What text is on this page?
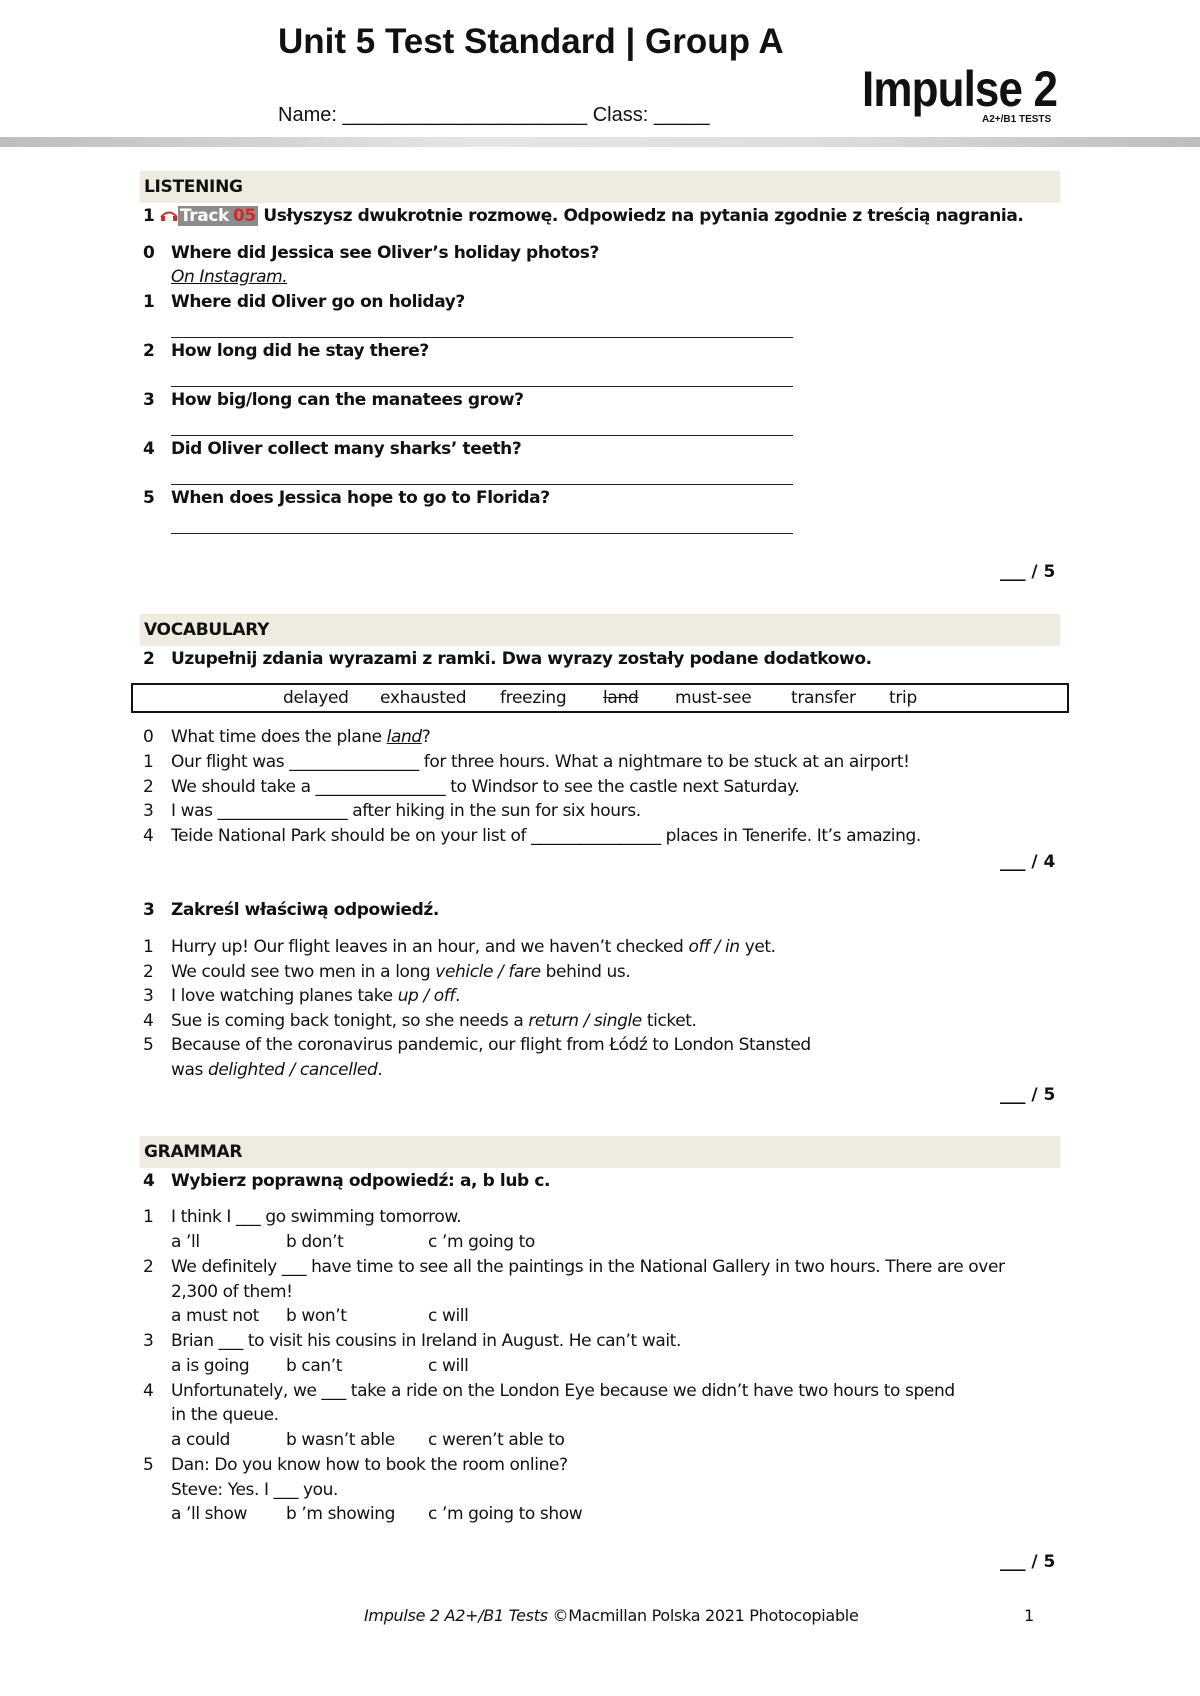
Unit 5 Test Standard | Group A
Name: ______________________ Class: _____	Impulse 2
A2+/B1 TESTS
LISTENING
1 Track 05 Usłyszysz dwukrotnie rozmowę. Odpowiedz na pytania zgodnie z treścią nagrania.
0 Where did Jessica see Oliver’s holiday photos?
On Instagram.
1 Where did Oliver go on holiday?
2 How long did he stay there?
3 How big/long can the manatees grow?
4 Did Oliver collect many sharks’ teeth?
5 When does Jessica hope to go to Florida?
___ / 5
VOCABULARY
2 Uzupełnij zdania wyrazami z ramki. Dwa wyrazy zostały podane dodatkowo.
delayed exhausted freezing land must-see transfer trip
0 What time does the plane land?
1 Our flight was ________________ for three hours. What a nightmare to be stuck at an airport!
2 We should take a ________________ to Windsor to see the castle next Saturday.
3 I was ________________ after hiking in the sun for six hours.
4 Teide National Park should be on your list of ________________ places in Tenerife. It’s amazing.
___ / 4
3 Zakreśl właściwą odpowiedź.
1 Hurry up! Our flight leaves in an hour, and we haven’t checked off / in yet.
2 We could see two men in a long vehicle / fare behind us.
3 I love watching planes take up / off.
4 Sue is coming back tonight, so she needs a return / single ticket.
5 Because of the coronavirus pandemic, our flight from Łódź to London Stansted
was delighted / cancelled.
___ / 5
GRAMMAR
4 Wybierz poprawną odpowiedź: a, b lub c.
1 I think I ___ go swimming tomorrow.
a ’ll	b don’t	c ’m going to
2 We definitely ___ have time to see all the paintings in the National Gallery in two hours. There are over
2,300 of them!
a must not b won’t	c will
3 Brian ___ to visit his cousins in Ireland in August. He can’t wait.
a is going b can’t	c will
4 Unfortunately, we ___ take a ride on the London Eye because we didn’t have two hours to spend
in the queue.
a could	b wasn’t able c weren’t able to
5 Dan: Do you know how to book the room online?
Steve: Yes. I ___ you.
a ’ll show b ’m showing c ’m going to show
___ / 5
Impulse 2 A2+/B1 Tests ©Macmillan Polska 2021 Photocopiable	1
